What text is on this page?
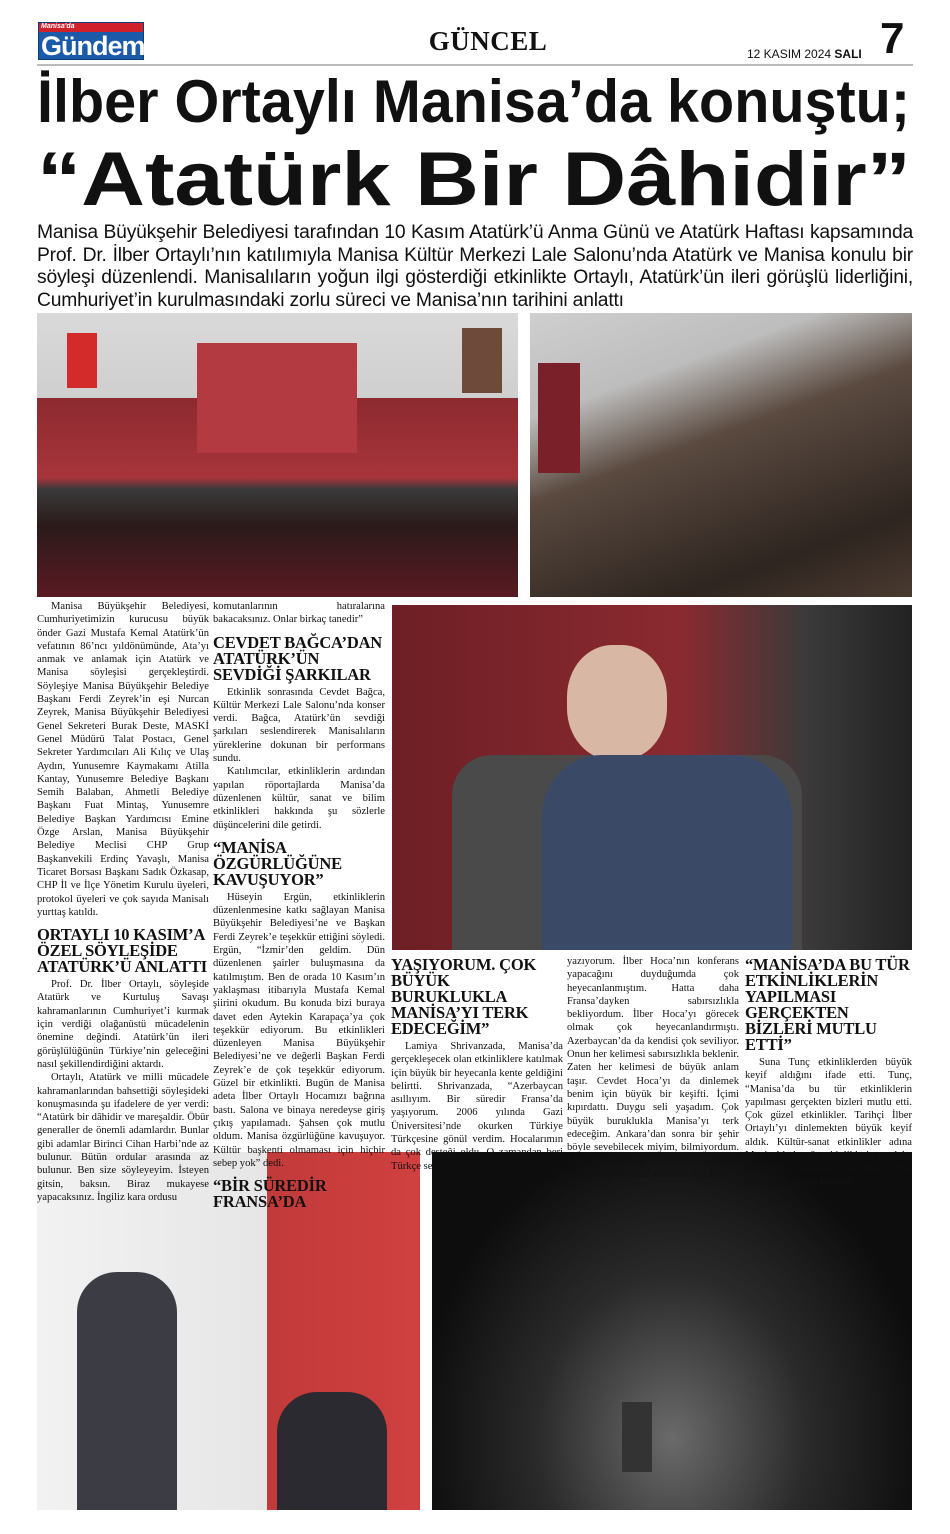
Manisa'da
Gündem	GÜNCEL	12 KASIM 2024 SALI 7
İlber Ortaylı Manisa’da konuştu;
“Atatürk Bir Dâhidir”
Manisa Büyükşehir Belediyesi tarafından 10 Kasım Atatürk’ü Anma Günü ve Atatürk Haftası kapsamında Prof. Dr. İlber Ortaylı’nın katılımıyla Manisa Kültür Merkezi Lale Salonu’nda Atatürk ve Manisa konulu bir söyleşi düzenlendi. Manisalıların yoğun ilgi gösterdiği etkinlikte Ortaylı, Atatürk’ün ileri görüşlü liderliğini, Cumhuriyet’in kurulmasındaki zorlu süreci ve Manisa’nın tarihini anlattı

Manisa Büyükşehir Belediyesi, Cumhuriyetimizin kurucusu büyük önder Gazi Mustafa Kemal Atatürk’ün vefatının 86’ncı yıldönümünde, Ata’yı anmak ve anlamak için Atatürk ve Manisa söyleşisi gerçekleştirdi. Söyleşiye Manisa Büyükşehir Belediye Başkanı Ferdi Zeyrek’in eşi Nurcan Zeyrek, Manisa Büyükşehir Belediyesi Genel Sekreteri Burak Deste, MASKİ Genel Müdürü Talat Postacı, Genel Sekreter Yardımcıları Ali Kılıç ve Ulaş Aydın, Yunusemre Kaymakamı Atilla Kantay, Yunusemre Belediye Başkanı Semih Balaban, Ahmetli Belediye Başkanı Fuat Mintaş, Yunusemre Belediye Başkan Yardımcısı Emine Özge Arslan, Manisa Büyükşehir Belediye Meclisi CHP Grup Başkanvekili Erdinç Yavaşlı, Manisa Ticaret Borsası Başkanı Sadık Özkasap, CHP İl ve İlçe Yönetim Kurulu üyeleri, protokol üyeleri ve çok sayıda Manisalı yurttaş katıldı.

ORTAYLI 10 KASIM’A ÖZEL SÖYLEŞİDE ATATÜRK’Ü ANLATTI

Prof. Dr. İlber Ortaylı, söyleşide Atatürk ve Kurtuluş Savaşı kahramanlarının Cumhuriyet’i kurmak için verdiği olağanüstü mücadelenin önemine değindi. Atatürk’ün ileri görüşlülüğünün Türkiye’nin geleceğini nasıl şekillendirdiğini aktardı.

Ortaylı, Atatürk ve milli mücadele kahramanlarından bahsettiği söyleşideki konuşmasında şu ifadelere de yer verdi: “Atatürk bir dâhidir ve mareşaldir. Öbür generaller de önemli adamlardır. Bunlar gibi adamlar Birinci Cihan Harbi’nde az bulunur. Bütün ordular arasında az bulunur. Ben size söyleyeyim. İsteyen gitsin, baksın. Biraz mukayese yapacaksınız. İngiliz kara ordusu

komutanlarının hatıralarına bakacaksınız. Onlar birkaç tanedir”

CEVDET BAĞCA’DAN ATATÜRK’ÜN SEVDİĞİ ŞARKILAR

Etkinlik sonrasında Cevdet Bağca, Kültür Merkezi Lale Salonu’nda konser verdi. Bağca, Atatürk’ün sevdiği şarkıları seslendirerek Manisalıların yüreklerine dokunan bir performans sundu.

Katılımcılar, etkinliklerin ardından yapılan röportajlarda Manisa’da düzenlenen kültür, sanat ve bilim etkinlikleri hakkında şu sözlerle düşüncelerini dile getirdi.

“MANİSA ÖZGÜRLÜĞÜNE KAVUŞUYOR”

Hüseyin Ergün, etkinliklerin düzenlenmesine katkı sağlayan Manisa Büyükşehir Belediyesi’ne ve Başkan Ferdi Zeyrek’e teşekkür ettiğini söyledi. Ergün, “İzmir’den geldim. Dün düzenlenen şairler buluşmasına da katılmıştım. Ben de orada 10 Kasım’ın yaklaşması itibarıyla Mustafa Kemal şiirini okudum. Bu konuda bizi buraya davet eden Aytekin Karapaça’ya çok teşekkür ediyorum. Bu etkinlikleri düzenleyen Manisa Büyükşehir Belediyesi’ne ve değerli Başkan Ferdi Zeyrek’e de çok teşekkür ediyorum. Güzel bir etkinlikti. Bugün de Manisa adeta İlber Ortaylı Hocamızı bağrına bastı. Salona ve binaya neredeyse giriş çıkış yapılamadı. Şahsen çok mutlu oldum. Manisa özgürlüğüne kavuşuyor. Kültür başkenti olmaması için hiçbir sebep yok” dedi.

“BİR SÜREDİR FRANSA’DA
YAŞIYORUM. ÇOK BÜYÜK BURUKLUKLA MANİSA’YI TERK EDECEĞİM”

Lamiya Shrivanzada, Manisa’da gerçekleşecek olan etkinliklere katılmak için büyük bir heyecanla kente geldiğini belirtti. Shrivanzada, “Azerbaycan asıllıyım. Bir süredir Fransa’da yaşıyorum. 2006 yılında Gazi Üniversitesi’nde okurken Türkiye Türkçesine gönül verdim. Hocalarımın da çok desteği oldu. O zamandan beri Türkçe sevdasıyla

yazıyorum. İlber Hoca’nın konferans yapacağını duyduğumda çok heyecanlanmıştım. Hatta daha Fransa’dayken sabırsızlıkla bekliyordum. İlber Hoca’yı görecek olmak çok heyecanlandırmıştı. Azerbaycan’da da kendisi çok seviliyor. Onun her kelimesi sabırsızlıkla beklenir. Zaten her kelimesi de büyük anlam taşır. Cevdet Hoca’yı da dinlemek benim için büyük bir keşifti. İçimi kıpırdattı. Duygu seli yaşadım. Çok büyük buruklukla Manisa’yı terk edeceğim. Ankara’dan sonra bir şehir böyle sevebilecek miyim, bilmiyordum. İşte oluyormuş. Tekrar sevmek oluyormuş hayatta” sözlerini kaydetti.

“MANİSA’DA BU TÜR ETKİNLİKLERİN YAPILMASI GERÇEKTEN BİZLERİ MUTLU ETTİ”

Suna Tunç etkinliklerden büyük keyif aldığını ifade etti. Tunç, “Manisa’da bu tür etkinliklerin yapılması gerçekten bizleri mutlu etti. Çok güzel etkinlikler. Tarihçi İlber Ortaylı’yı dinlemekten büyük keyif aldık. Kültür-sanat etkinlikler adına Manisa’da bu tür etkinliklerin mutlaka devamının olmasını istiyoruz” diye konuştu. ■ Haber Merkezi
